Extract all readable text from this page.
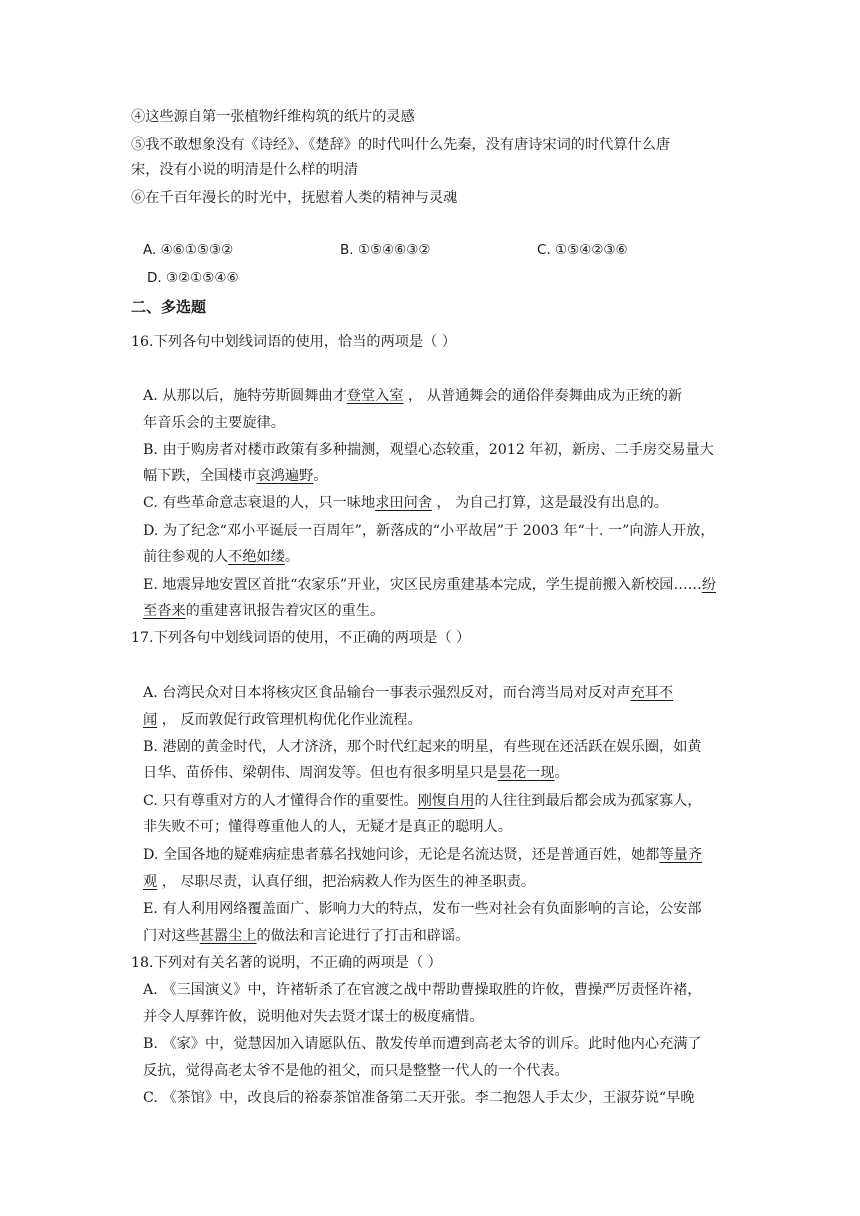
④这些源自第一张植物纤维构筑的纸片的灵感
⑤我不敢想象没有《诗经》、《楚辞》的时代叫什么先秦，没有唐诗宋词的时代算什么唐
宋，没有小说的明清是什么样的明清
⑥在千百年漫长的时光中，抚慰着人类的精神与灵魂
A. ④⑥①⑤③②	B. ①⑤④⑥③②	C. ①⑤④②③⑥
D. ③②①⑤④⑥
二、多选题
16.下列各句中划线词语的使用，恰当的两项是（ ）
A. 从那以后，施特劳斯圆舞曲才登堂入室 ， 从普通舞会的通俗伴奏舞曲成为正统的新
年音乐会的主要旋律。
B. 由于购房者对楼市政策有多种揣测，观望心态较重，2012 年初，新房、二手房交易量大
幅下跌，全国楼市哀鸿遍野。
C. 有些革命意志衰退的人，只一味地求田问舍 ， 为自己打算，这是最没有出息的。
D. 为了纪念“邓小平诞辰一百周年”，新落成的“小平故居”于 2003 年“十. 一”向游人开放，
前往参观的人不绝如缕。
E. 地震异地安置区首批“农家乐”开业，灾区民房重建基本完成，学生提前搬入新校园……纷
至沓来的重建喜讯报告着灾区的重生。
17.下列各句中划线词语的使用，不正确的两项是（ ）
A. 台湾民众对日本将核灾区食品输台一事表示强烈反对，而台湾当局对反对声充耳不
闻 ， 反而敦促行政管理机构优化作业流程。
B. 港剧的黄金时代，人才济济，那个时代红起来的明星，有些现在还活跃在娱乐圈，如黄
日华、苗侨伟、梁朝伟、周润发等。但也有很多明星只是昙花一现。
C. 只有尊重对方的人才懂得合作的重要性。刚愎自用的人往往到最后都会成为孤家寡人，
非失败不可；懂得尊重他人的人，无疑才是真正的聪明人。
D. 全国各地的疑难病症患者慕名找她问诊，无论是名流达贤，还是普通百姓，她都等量齐
观 ， 尽职尽责，认真仔细，把治病救人作为医生的神圣职责。
E. 有人利用网络覆盖面广、影响力大的特点，发布一些对社会有负面影响的言论，公安部
门对这些甚嚣尘上的做法和言论进行了打击和辟谣。
18.下列对有关名著的说明，不正确的两项是（ ）
A. 《三国演义》中，许褚斩杀了在官渡之战中帮助曹操取胜的许攸，曹操严厉责怪许褚，
并令人厚葬许攸，说明他对失去贤才谋士的极度痛惜。
B. 《家》中，觉慧因加入请愿队伍、散发传单而遭到高老太爷的训斥。此时他内心充满了
反抗，觉得高老太爷不是他的祖父，而只是整整一代人的一个代表。
C. 《茶馆》中，改良后的裕泰茶馆准备第二天开张。李二抱怨人手太少，王淑芬说“早晚
